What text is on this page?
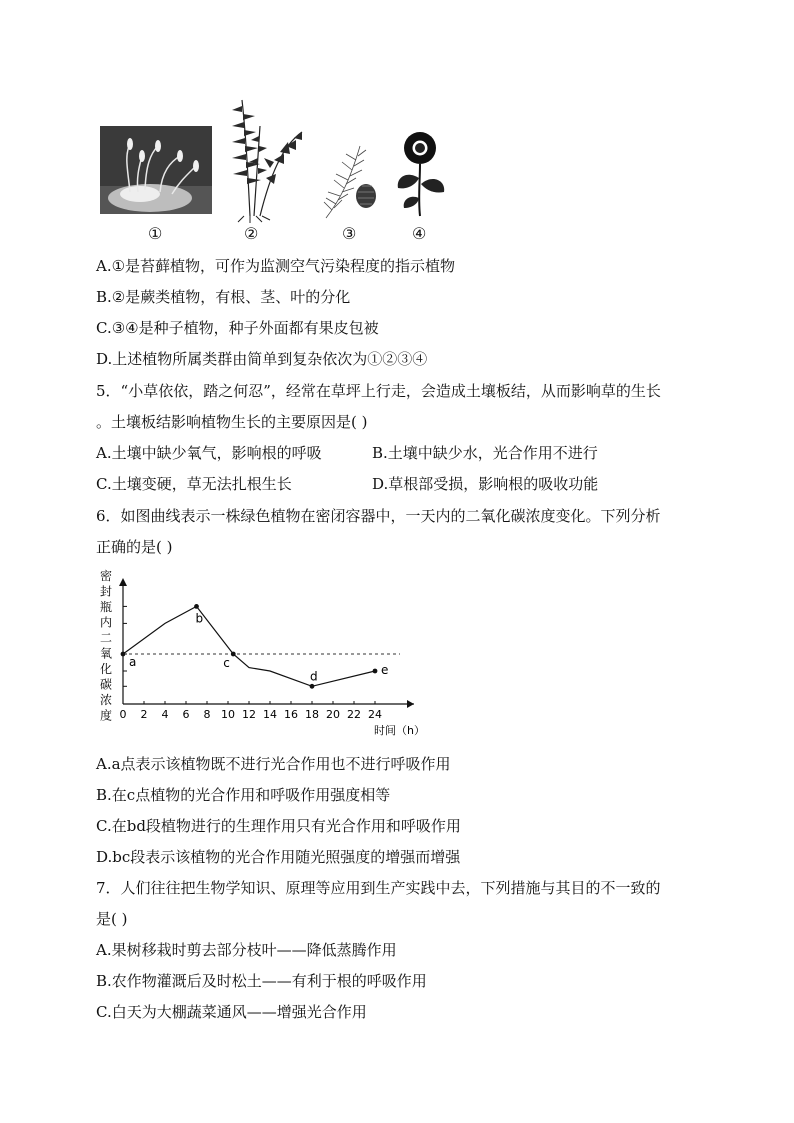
①	②	③	④
A.①是苔藓植物，可作为监测空气污染程度的指示植物
B.②是蕨类植物，有根、茎、叶的分化
C.③④是种子植物，种子外面都有果皮包被
D.上述植物所属类群由简单到复杂依次为①②③④
5．“小草依依，踏之何忍”，经常在草坪上行走，会造成土壤板结，从而影响草的生长
。土壤板结影响植物生长的主要原因是( )
A.土壤中缺少氧气，影响根的呼吸	B.土壤中缺少水，光合作用不进行
C.土壤变硬，草无法扎根生长	D.草根部受损，影响根的吸收功能
6．如图曲线表示一株绿色植物在密闭容器中，一天内的二氧化碳浓度变化。下列分析
正确的是( )
密
封
瓶
内
二
氧
化
碳
浓
度 0 2 4 6 8 10 12 14 16 18 20 22 24
a
b
c
d	e
时间（h）
A.a点表示该植物既不进行光合作用也不进行呼吸作用
B.在c点植物的光合作用和呼吸作用强度相等
C.在bd段植物进行的生理作用只有光合作用和呼吸作用
D.bc段表示该植物的光合作用随光照强度的增强而增强
7．人们往往把生物学知识、原理等应用到生产实践中去，下列措施与其目的不一致的
是( )
A.果树移栽时剪去部分枝叶——降低蒸腾作用
B.农作物灌溉后及时松土——有利于根的呼吸作用
C.白天为大棚蔬菜通风——增强光合作用
